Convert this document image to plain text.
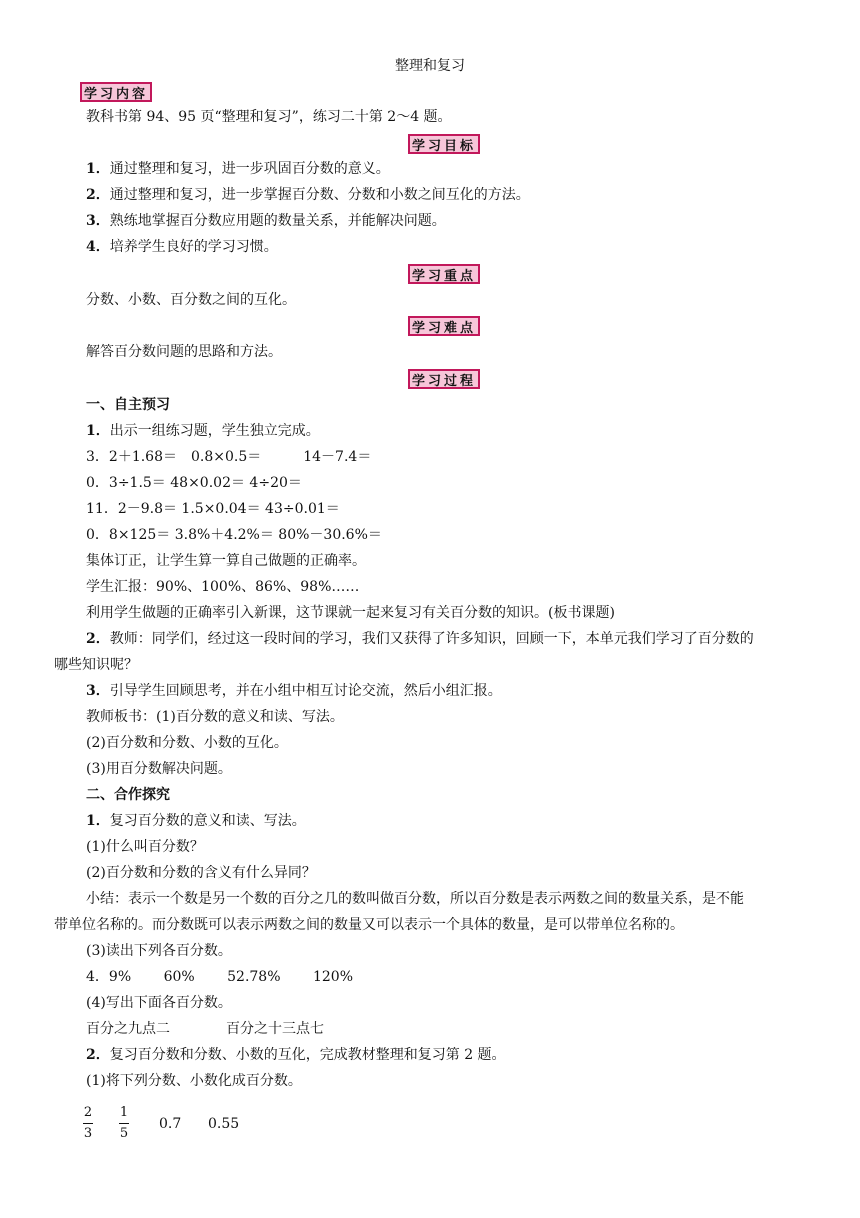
整理和复习
学习内容
教科书第 94、95 页“整理和复习”，练习二十第 2～4 题。
学习目标
1．通过整理和复习，进一步巩固百分数的意义。
2．通过整理和复习，进一步掌握百分数、分数和小数之间互化的方法。
3．熟练地掌握百分数应用题的数量关系，并能解决问题。
4．培养学生良好的学习习惯。
学习重点
分数、小数、百分数之间的互化。
学习难点
解答百分数问题的思路和方法。
学习过程
一、自主预习
1．出示一组练习题，学生独立完成。
3．2＋1.68＝　0.8×0.5＝　　　14－7.4＝
0．3÷1.5＝ 48×0.02＝ 4÷20＝
11．2－9.8＝ 1.5×0.04＝ 43÷0.01＝
0．8×125＝ 3.8%＋4.2%＝ 80%－30.6%＝
集体订正，让学生算一算自己做题的正确率。
学生汇报：90%、100%、86%、98%……
利用学生做题的正确率引入新课，这节课就一起来复习有关百分数的知识。(板书课题)
2．教师：同学们，经过这一段时间的学习，我们又获得了许多知识，回顾一下，本单元我们学习了百分数的
哪些知识呢？
3．引导学生回顾思考，并在小组中相互讨论交流，然后小组汇报。
教师板书：(1)百分数的意义和读、写法。
(2)百分数和分数、小数的互化。
(3)用百分数解决问题。
二、合作探究
1．复习百分数的意义和读、写法。
(1)什么叫百分数？
(2)百分数和分数的含义有什么异同？
小结：表示一个数是另一个数的百分之几的数叫做百分数，所以百分数是表示两数之间的数量关系，是不能
带单位名称的。而分数既可以表示两数之间的数量又可以表示一个具体的数量，是可以带单位名称的。
(3)读出下列各百分数。
4．9%　　 60%　　 52.78%　　 120%
(4)写出下面各百分数。
百分之九点二　　　　百分之十三点七
2．复习百分数和分数、小数的互化，完成教材整理和复习第 2 题。
(1)将下列分数、小数化成百分数。
2
3
1
5
0.7 0.55
